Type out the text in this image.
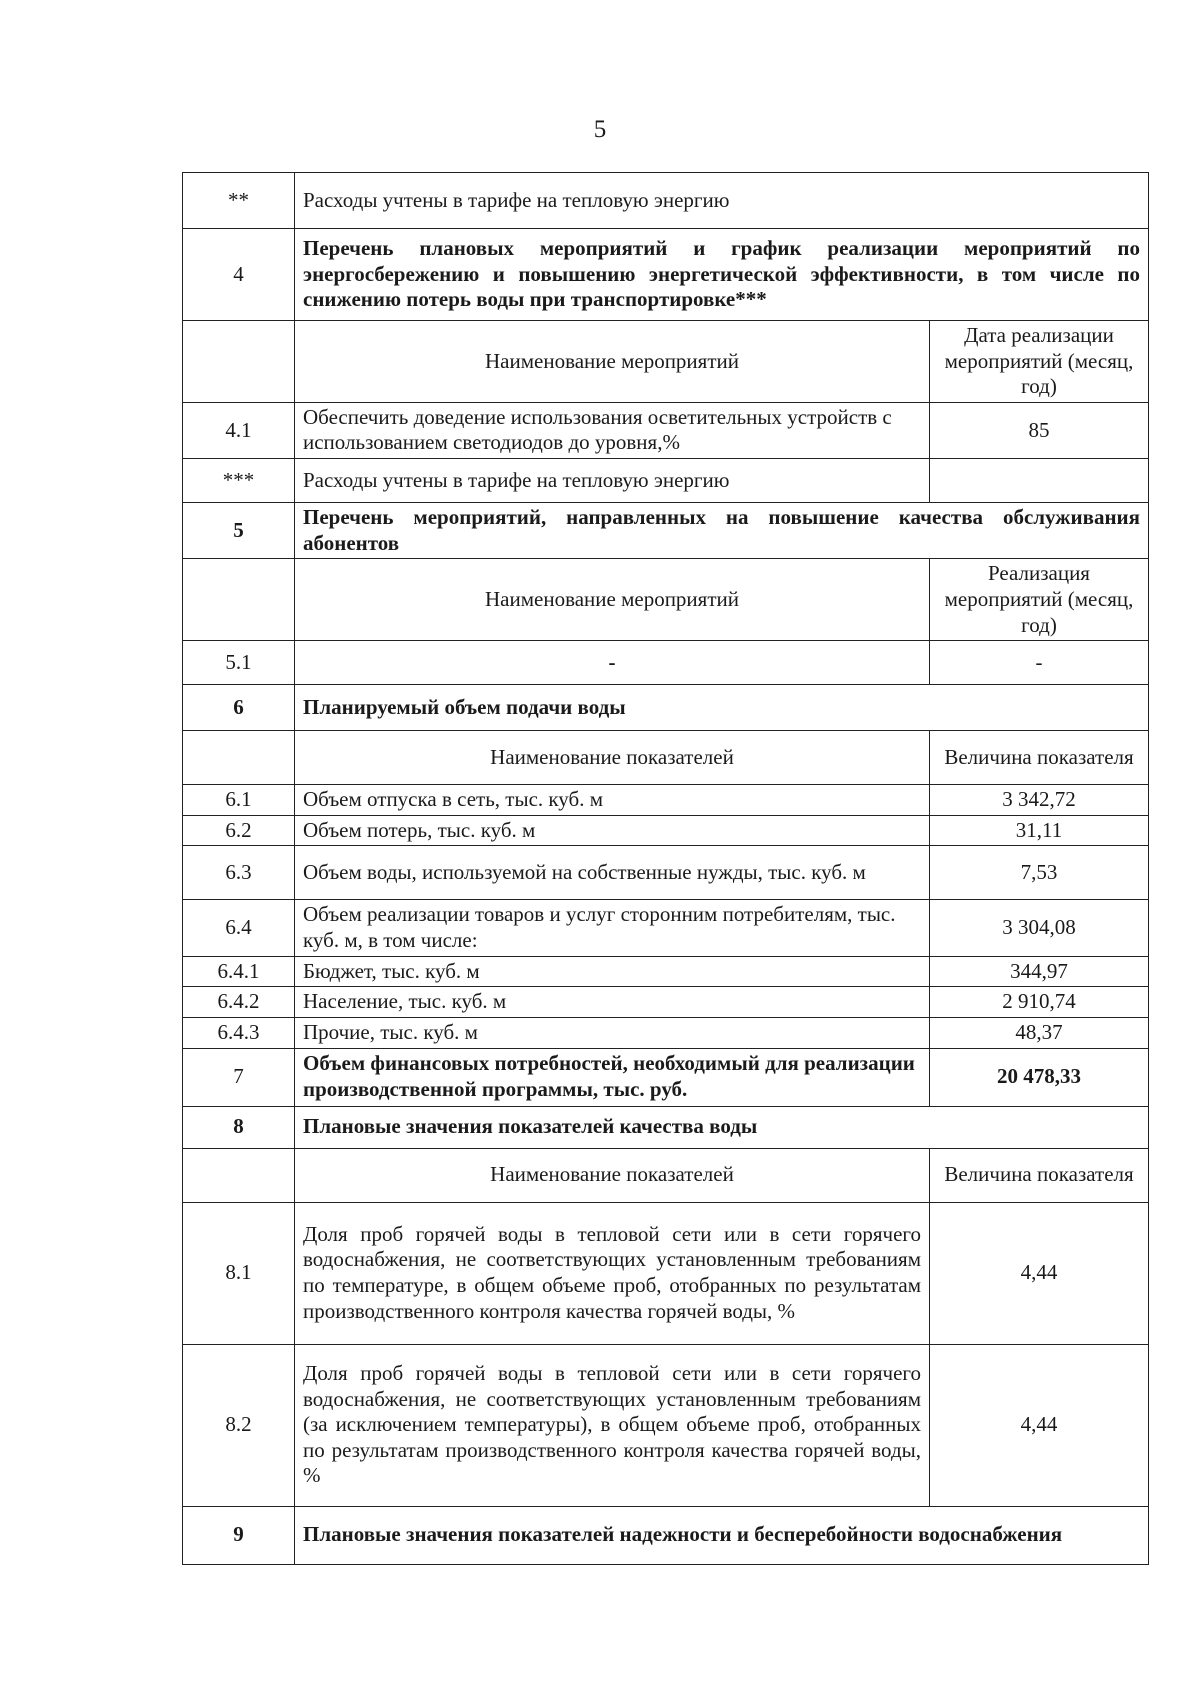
5
**	Расходы учтены в тарифе на тепловую энергию	
4	Перечень плановых мероприятий и график реализации мероприятий по энергосбережению и повышению энергетической эффективности, в том числе по снижению потерь воды при транспортировке***	
	Наименование мероприятий	Дата реализации мероприятий (месяц, год)
4.1	Обеспечить доведение использования осветительных устройств с использованием светодиодов до уровня,%	85
***	Расходы учтены в тарифе на тепловую энергию	
5	Перечень мероприятий, направленных на повышение качества обслуживания абонентов	
	Наименование мероприятий	Реализация мероприятий (месяц, год)
5.1	-	-
6	Планируемый объем подачи воды	
	Наименование показателей	Величина показателя
6.1	Объем отпуска в сеть, тыс. куб. м	3 342,72
6.2	Объем потерь, тыс. куб. м	31,11
6.3	Объем воды, используемой на собственные нужды, тыс. куб. м	7,53
6.4	Объем реализации товаров и услуг сторонним потребителям, тыс. куб. м, в том числе:	3 304,08
6.4.1	Бюджет, тыс. куб. м	344,97
6.4.2	Население, тыс. куб. м	2 910,74
6.4.3	Прочие, тыс. куб. м	48,37
7	Объем финансовых потребностей, необходимый для реализации производственной программы, тыс. руб.	20 478,33
8	Плановые значения показателей качества воды	
	Наименование показателей	Величина показателя
8.1	Доля проб горячей воды в тепловой сети или в сети горячего водоснабжения, не соответствующих установленным требованиям по температуре, в общем объеме проб, отобранных по результатам производственного контроля качества горячей воды, %	4,44
8.2	Доля проб горячей воды в тепловой сети или в сети горячего водоснабжения, не соответствующих установленным требованиям (за исключением температуры), в общем объеме проб, отобранных по результатам производственного контроля качества горячей воды, %	4,44
9	Плановые значения показателей надежности и бесперебойности водоснабжения	
